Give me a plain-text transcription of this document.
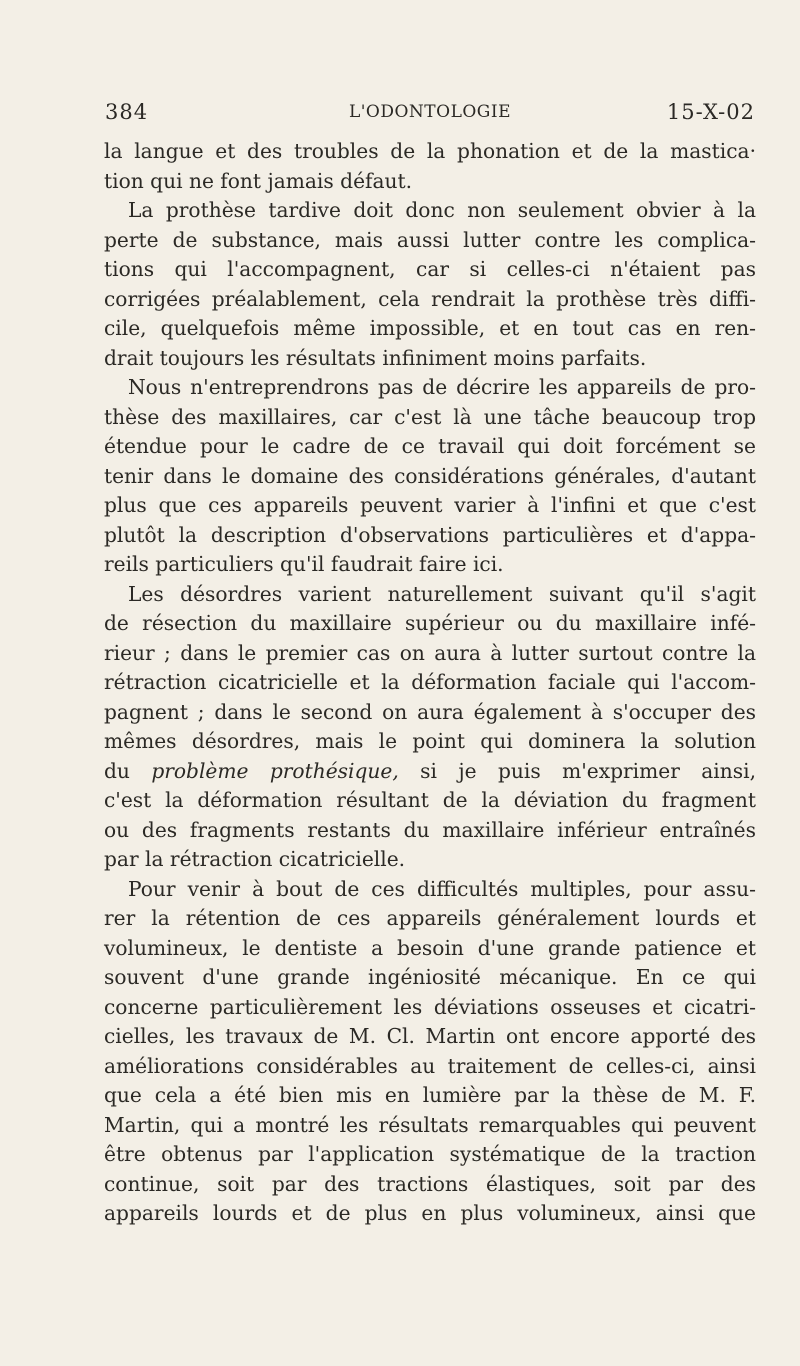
384	L'ODONTOLOGIE	15-X-02
la langue et des troubles de la phonation et de la mastica·
tion qui ne font jamais défaut.
La prothèse tardive doit donc non seulement obvier à la
perte de substance, mais aussi lutter contre les complica-
tions qui l'accompagnent, car si celles-ci n'étaient pas
corrigées préalablement, cela rendrait la prothèse très diffi-
cile, quelquefois même impossible, et en tout cas en ren-
drait toujours les résultats infiniment moins parfaits.
Nous n'entreprendrons pas de décrire les appareils de pro-
thèse des maxillaires, car c'est là une tâche beaucoup trop
étendue pour le cadre de ce travail qui doit forcément se
tenir dans le domaine des considérations générales, d'autant
plus que ces appareils peuvent varier à l'infini et que c'est
plutôt la description d'observations particulières et d'appa-
reils particuliers qu'il faudrait faire ici.
Les désordres varient naturellement suivant qu'il s'agit
de résection du maxillaire supérieur ou du maxillaire infé-
rieur ; dans le premier cas on aura à lutter surtout contre la
rétraction cicatricielle et la déformation faciale qui l'accom-
pagnent ; dans le second on aura également à s'occuper des
mêmes désordres, mais le point qui dominera la solution
du problème prothésique, si je puis m'exprimer ainsi,
c'est la déformation résultant de la déviation du fragment
ou des fragments restants du maxillaire inférieur entraînés
par la rétraction cicatricielle.
Pour venir à bout de ces difficultés multiples, pour assu-
rer la rétention de ces appareils généralement lourds et
volumineux, le dentiste a besoin d'une grande patience et
souvent d'une grande ingéniosité mécanique. En ce qui
concerne particulièrement les déviations osseuses et cicatri-
cielles, les travaux de M. Cl. Martin ont encore apporté des
améliorations considérables au traitement de celles-ci, ainsi
que cela a été bien mis en lumière par la thèse de M. F.
Martin, qui a montré les résultats remarquables qui peuvent
être obtenus par l'application systématique de la traction
continue, soit par des tractions élastiques, soit par des
appareils lourds et de plus en plus volumineux, ainsi que
